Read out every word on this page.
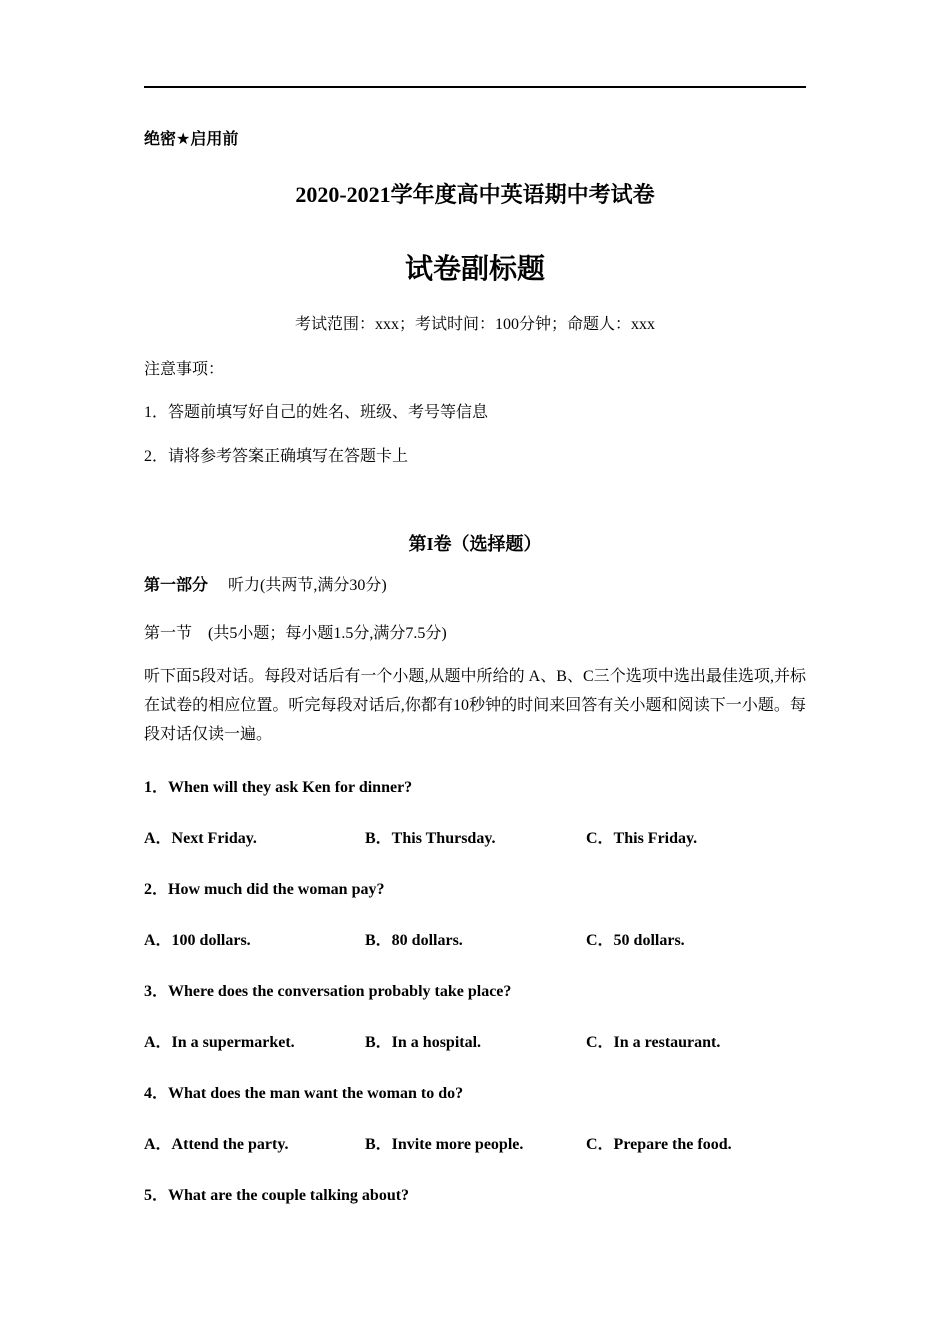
绝密★启用前
2020-2021学年度高中英语期中考试卷
试卷副标题
考试范围：xxx；考试时间：100分钟；命题人：xxx
注意事项：
1．答题前填写好自己的姓名、班级、考号等信息
2．请将参考答案正确填写在答题卡上
第I卷（选择题）
第一部分　 听力(共两节,满分30分)
第一节　(共5小题；每小题1.5分,满分7.5分)
听下面5段对话。每段对话后有一个小题,从题中所给的 A、B、C三个选项中选出最佳选项,并标在试卷的相应位置。听完每段对话后,你都有10秒钟的时间来回答有关小题和阅读下一小题。每段对话仅读一遍。
1．When will they ask Ken for dinner?
A．Next Friday.	B．This Thursday.	C．This Friday.
2．How much did the woman pay?
A．100 dollars.	B．80 dollars.	C．50 dollars.
3．Where does the conversation probably take place?
A．In a supermarket.	B．In a hospital.	C．In a restaurant.
4．What does the man want the woman to do?
A．Attend the party.	B．Invite more people.	C．Prepare the food.
5．What are the couple talking about?
